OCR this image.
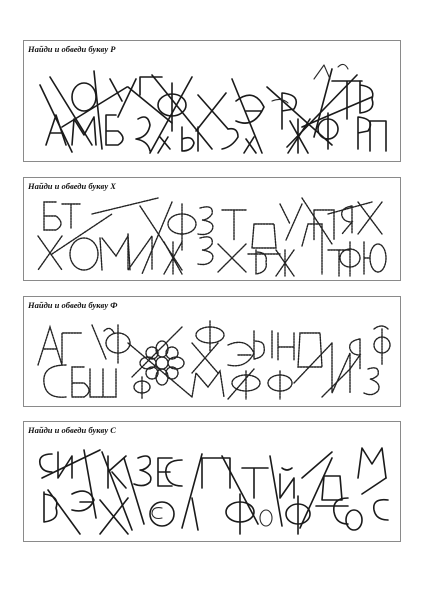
Найди и обведи букву Р
Найди и обведи букву Х
Найди и обведи букву Ф
Найди и обведи букву С
